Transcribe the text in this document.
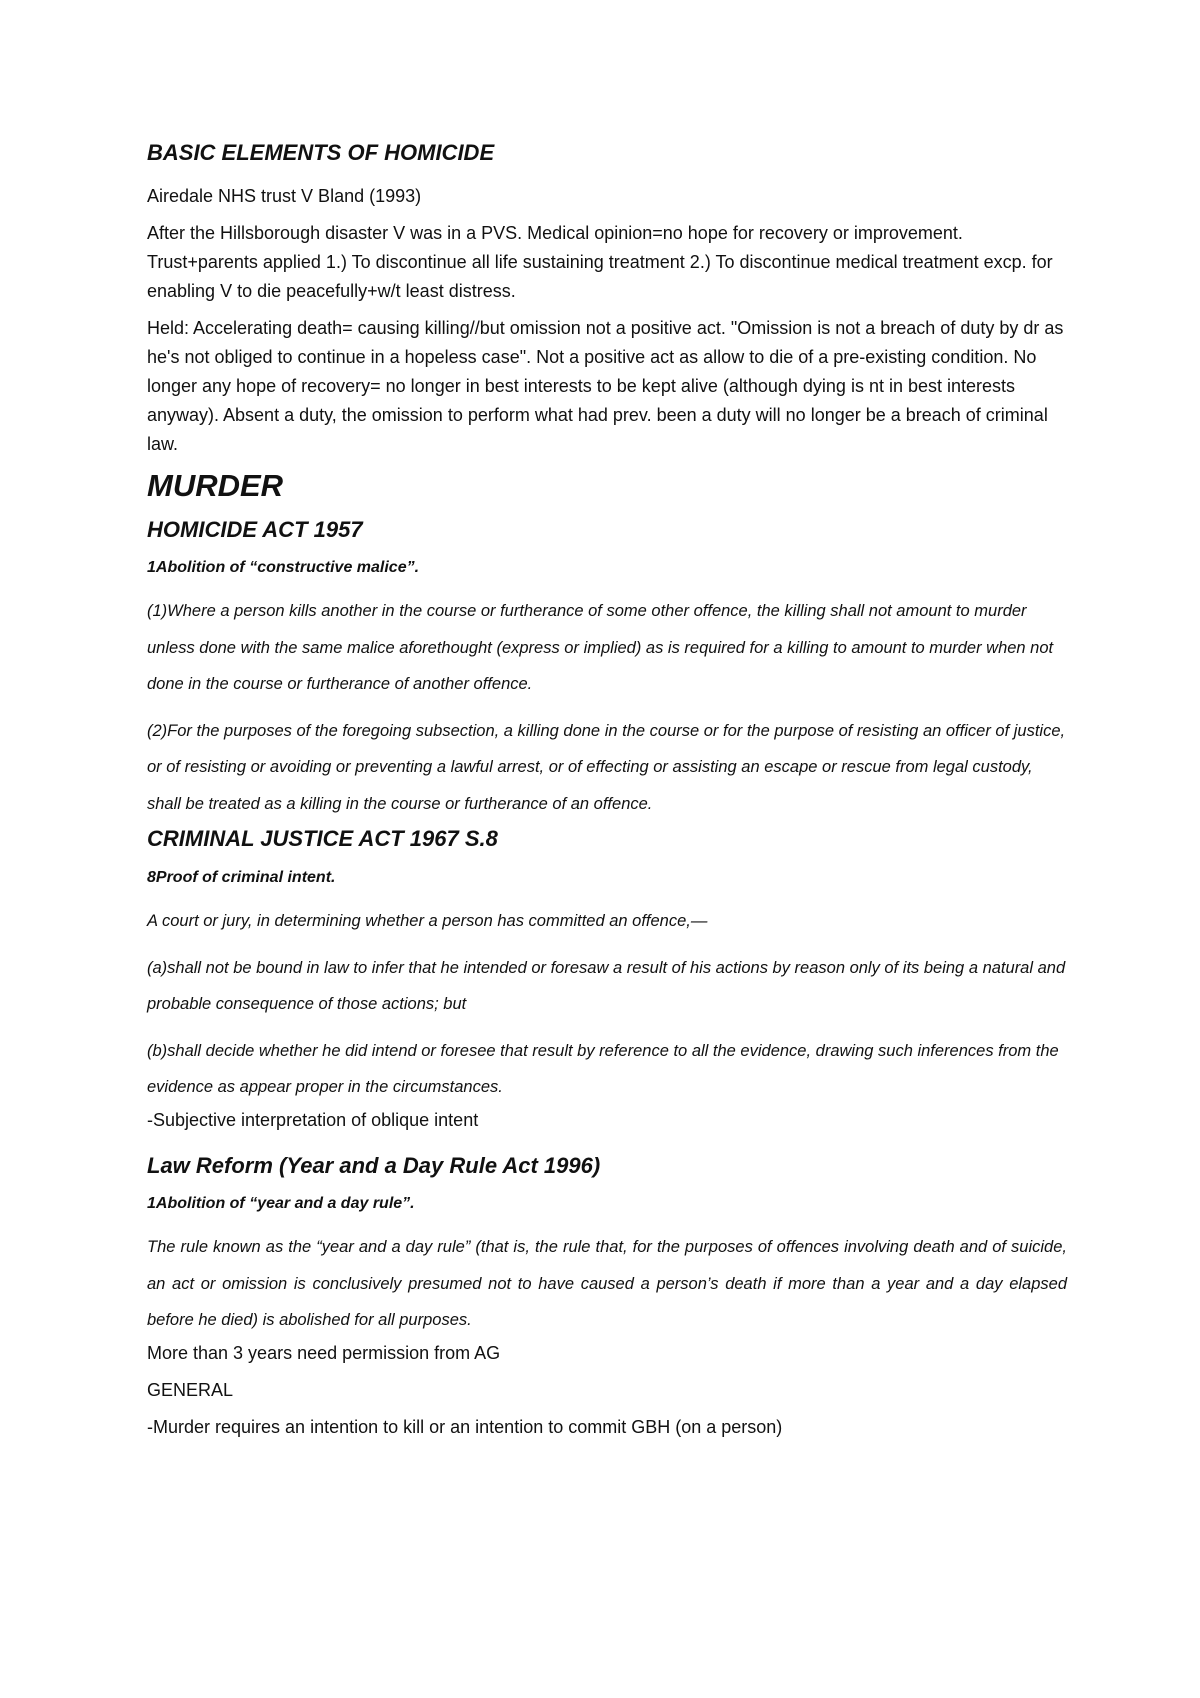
BASIC ELEMENTS OF HOMICIDE
Airedale NHS trust V Bland (1993)
After the Hillsborough disaster V was in a PVS. Medical opinion=no hope for recovery or improvement. Trust+parents applied 1.) To discontinue all life sustaining treatment 2.) To discontinue medical treatment excp. for enabling V to die peacefully+w/t least distress.
Held: Accelerating death= causing killing//but omission not a positive act. "Omission is not a breach of duty by dr as he's not obliged to continue in a hopeless case". Not a positive act as allow to die of a pre-existing condition. No longer any hope of recovery= no longer in best interests to be kept alive (although dying is nt in best interests anyway). Absent a duty, the omission to perform what had prev. been a duty will no longer be a breach of criminal law.
MURDER
HOMICIDE ACT 1957
1Abolition of “constructive malice”.
(1)Where a person kills another in the course or furtherance of some other offence, the killing shall not amount to murder unless done with the same malice aforethought (express or implied) as is required for a killing to amount to murder when not done in the course or furtherance of another offence.
(2)For the purposes of the foregoing subsection, a killing done in the course or for the purpose of resisting an officer of justice, or of resisting or avoiding or preventing a lawful arrest, or of effecting or assisting an escape or rescue from legal custody, shall be treated as a killing in the course or furtherance of an offence.
CRIMINAL JUSTICE ACT 1967 S.8
8Proof of criminal intent.
A court or jury, in determining whether a person has committed an offence,—
(a)shall not be bound in law to infer that he intended or foresaw a result of his actions by reason only of its being a natural and probable consequence of those actions; but
(b)shall decide whether he did intend or foresee that result by reference to all the evidence, drawing such inferences from the evidence as appear proper in the circumstances.
-Subjective interpretation of oblique intent
Law Reform (Year and a Day Rule Act 1996)
1Abolition of “year and a day rule”.
The rule known as the “year and a day rule” (that is, the rule that, for the purposes of offences involving death and of suicide, an act or omission is conclusively presumed not to have caused a person’s death if more than a year and a day elapsed before he died) is abolished for all purposes.
More than 3 years need permission from AG
GENERAL
-Murder requires an intention to kill or an intention to commit GBH (on a person)
